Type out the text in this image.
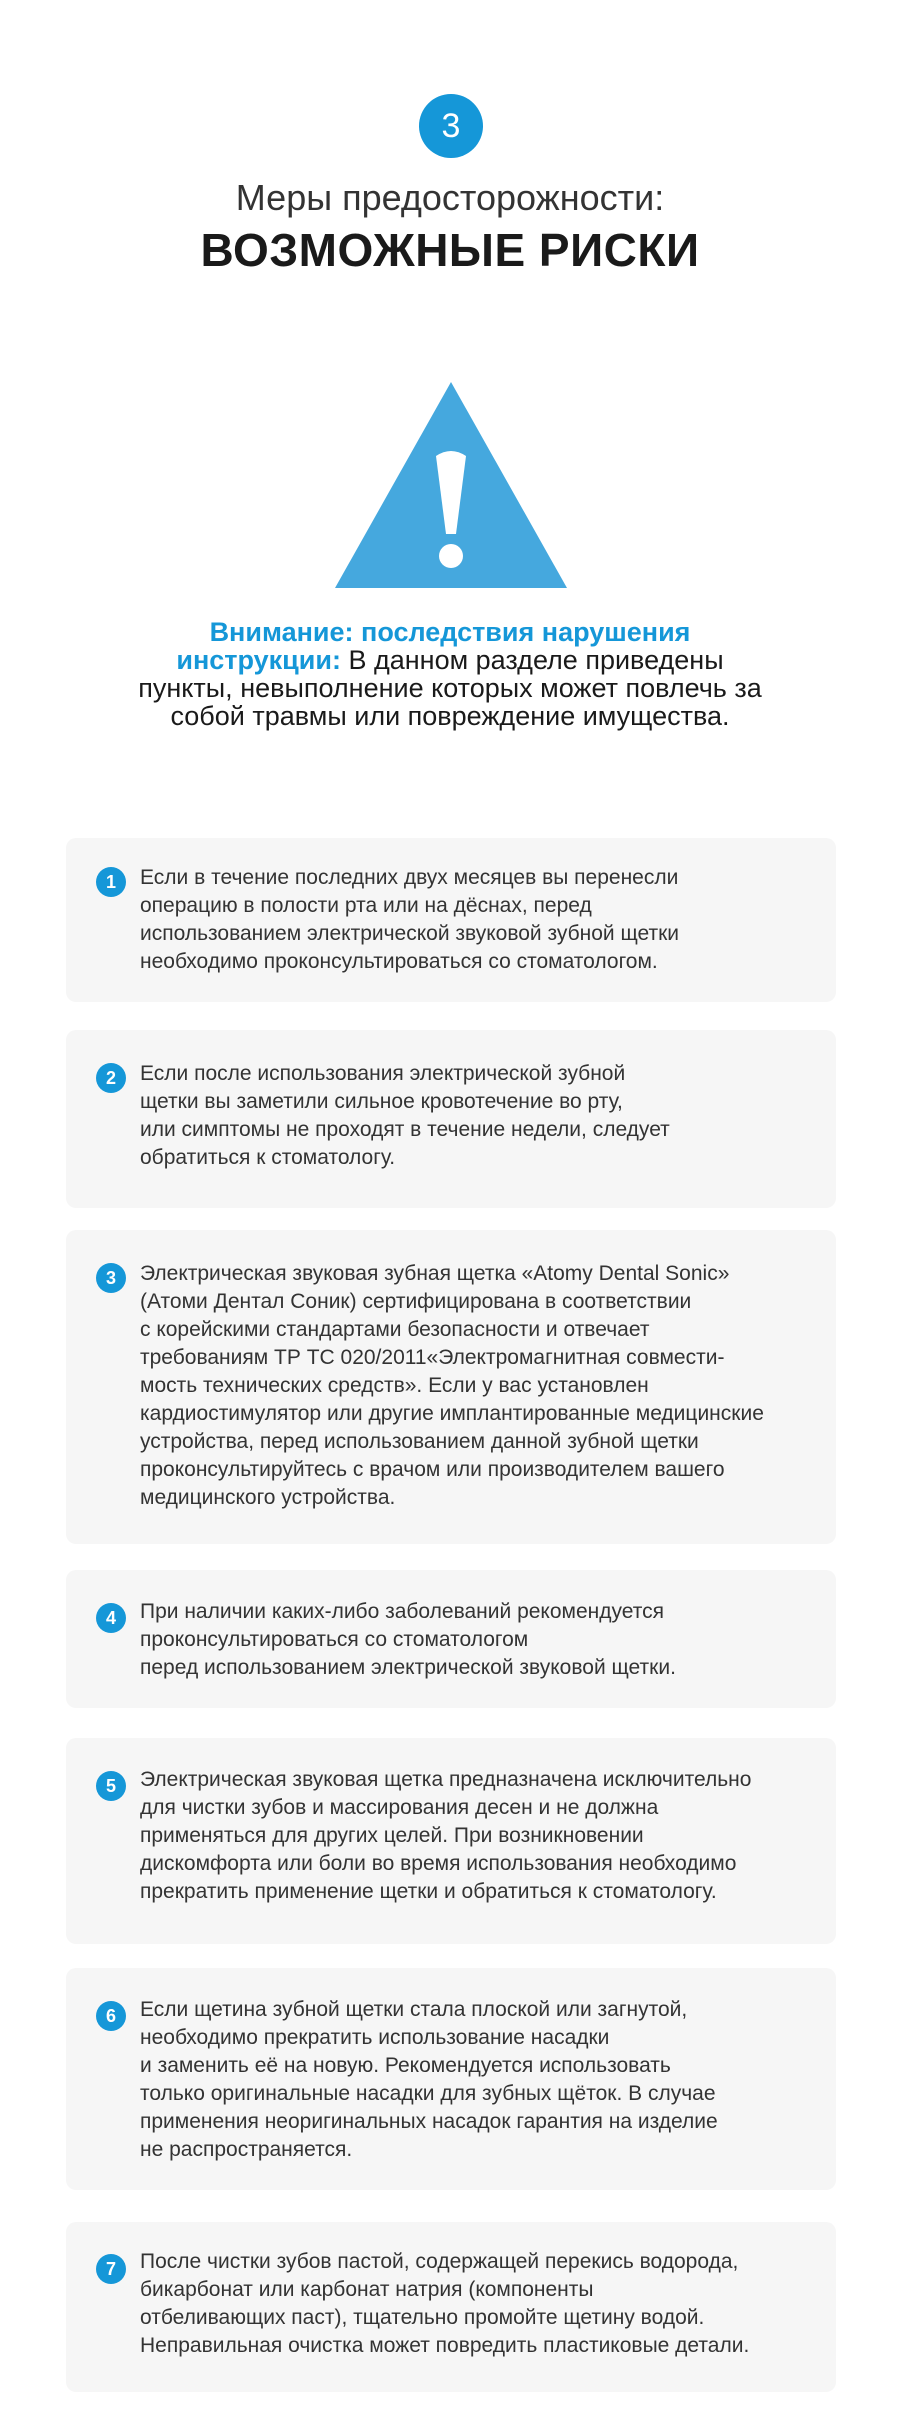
3
Меры предосторожности:
ВОЗМОЖНЫЕ РИСКИ
Внимание: последствия нарушения инструкции: В данном разделе приведены пункты, невыполнение которых может повлечь за собой травмы или повреждение имущества.
1	Если в течение последних двух месяцев вы перенесли
операцию в полости рта или на дёснах, перед
использованием электрической звуковой зубной щетки
необходимо проконсультироваться со стоматологом.
2	Если после использования электрической зубной
щетки вы заметили сильное кровотечение во рту,
или симптомы не проходят в течение недели, следует
обратиться к стоматологу.
3	Электрическая звуковая зубная щетка «Atomy Dental Sonic»
(Атоми Дентал Соник) сертифицирована в соответствии
с корейскими стандартами безопасности и отвечает
требованиям ТР ТС 020/2011«Электромагнитная совмести-
мость технических средств». Если у вас установлен
кардиостимулятор или другие имплантированные медицинские
устройства, перед использованием данной зубной щетки
проконсультируйтесь с врачом или производителем вашего
медицинского устройства.
4	При наличии каких-либо заболеваний рекомендуется
проконсультироваться со стоматологом
перед использованием электрической звуковой щетки.
5	Электрическая звуковая щетка предназначена исключительно
для чистки зубов и массирования десен и не должна
применяться для других целей. При возникновении
дискомфорта или боли во время использования необходимо
прекратить применение щетки и обратиться к стоматологу.
6	Если щетина зубной щетки стала плоской или загнутой,
необходимо прекратить использование насадки
и заменить её на новую. Рекомендуется использовать
только оригинальные насадки для зубных щёток. В случае
применения неоригинальных насадок гарантия на изделие
не распространяется.
7	После чистки зубов пастой, содержащей перекись водорода,
бикарбонат или карбонат натрия (компоненты
отбеливающих паст), тщательно промойте щетину водой.
Неправильная очистка может повредить пластиковые детали.
